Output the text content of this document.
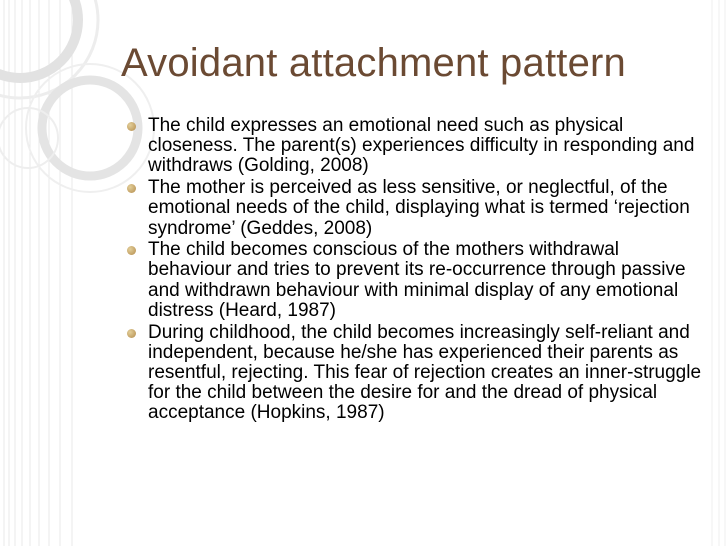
Avoidant attachment pattern
The child expresses an emotional need such as physical closeness. The parent(s) experiences difficulty in responding and withdraws (Golding, 2008)
The mother is perceived as less sensitive, or neglectful, of the emotional needs of the child, displaying what is termed ‘rejection syndrome’ (Geddes, 2008)
The child becomes conscious of the mothers withdrawal behaviour and tries to prevent its re-occurrence through passive and withdrawn behaviour with minimal display of any emotional distress (Heard, 1987)
During childhood, the child becomes increasingly self-reliant and independent, because he/she has experienced their parents as resentful, rejecting. This fear of rejection creates an inner-struggle for the child between the desire for and the dread of physical acceptance (Hopkins, 1987)
